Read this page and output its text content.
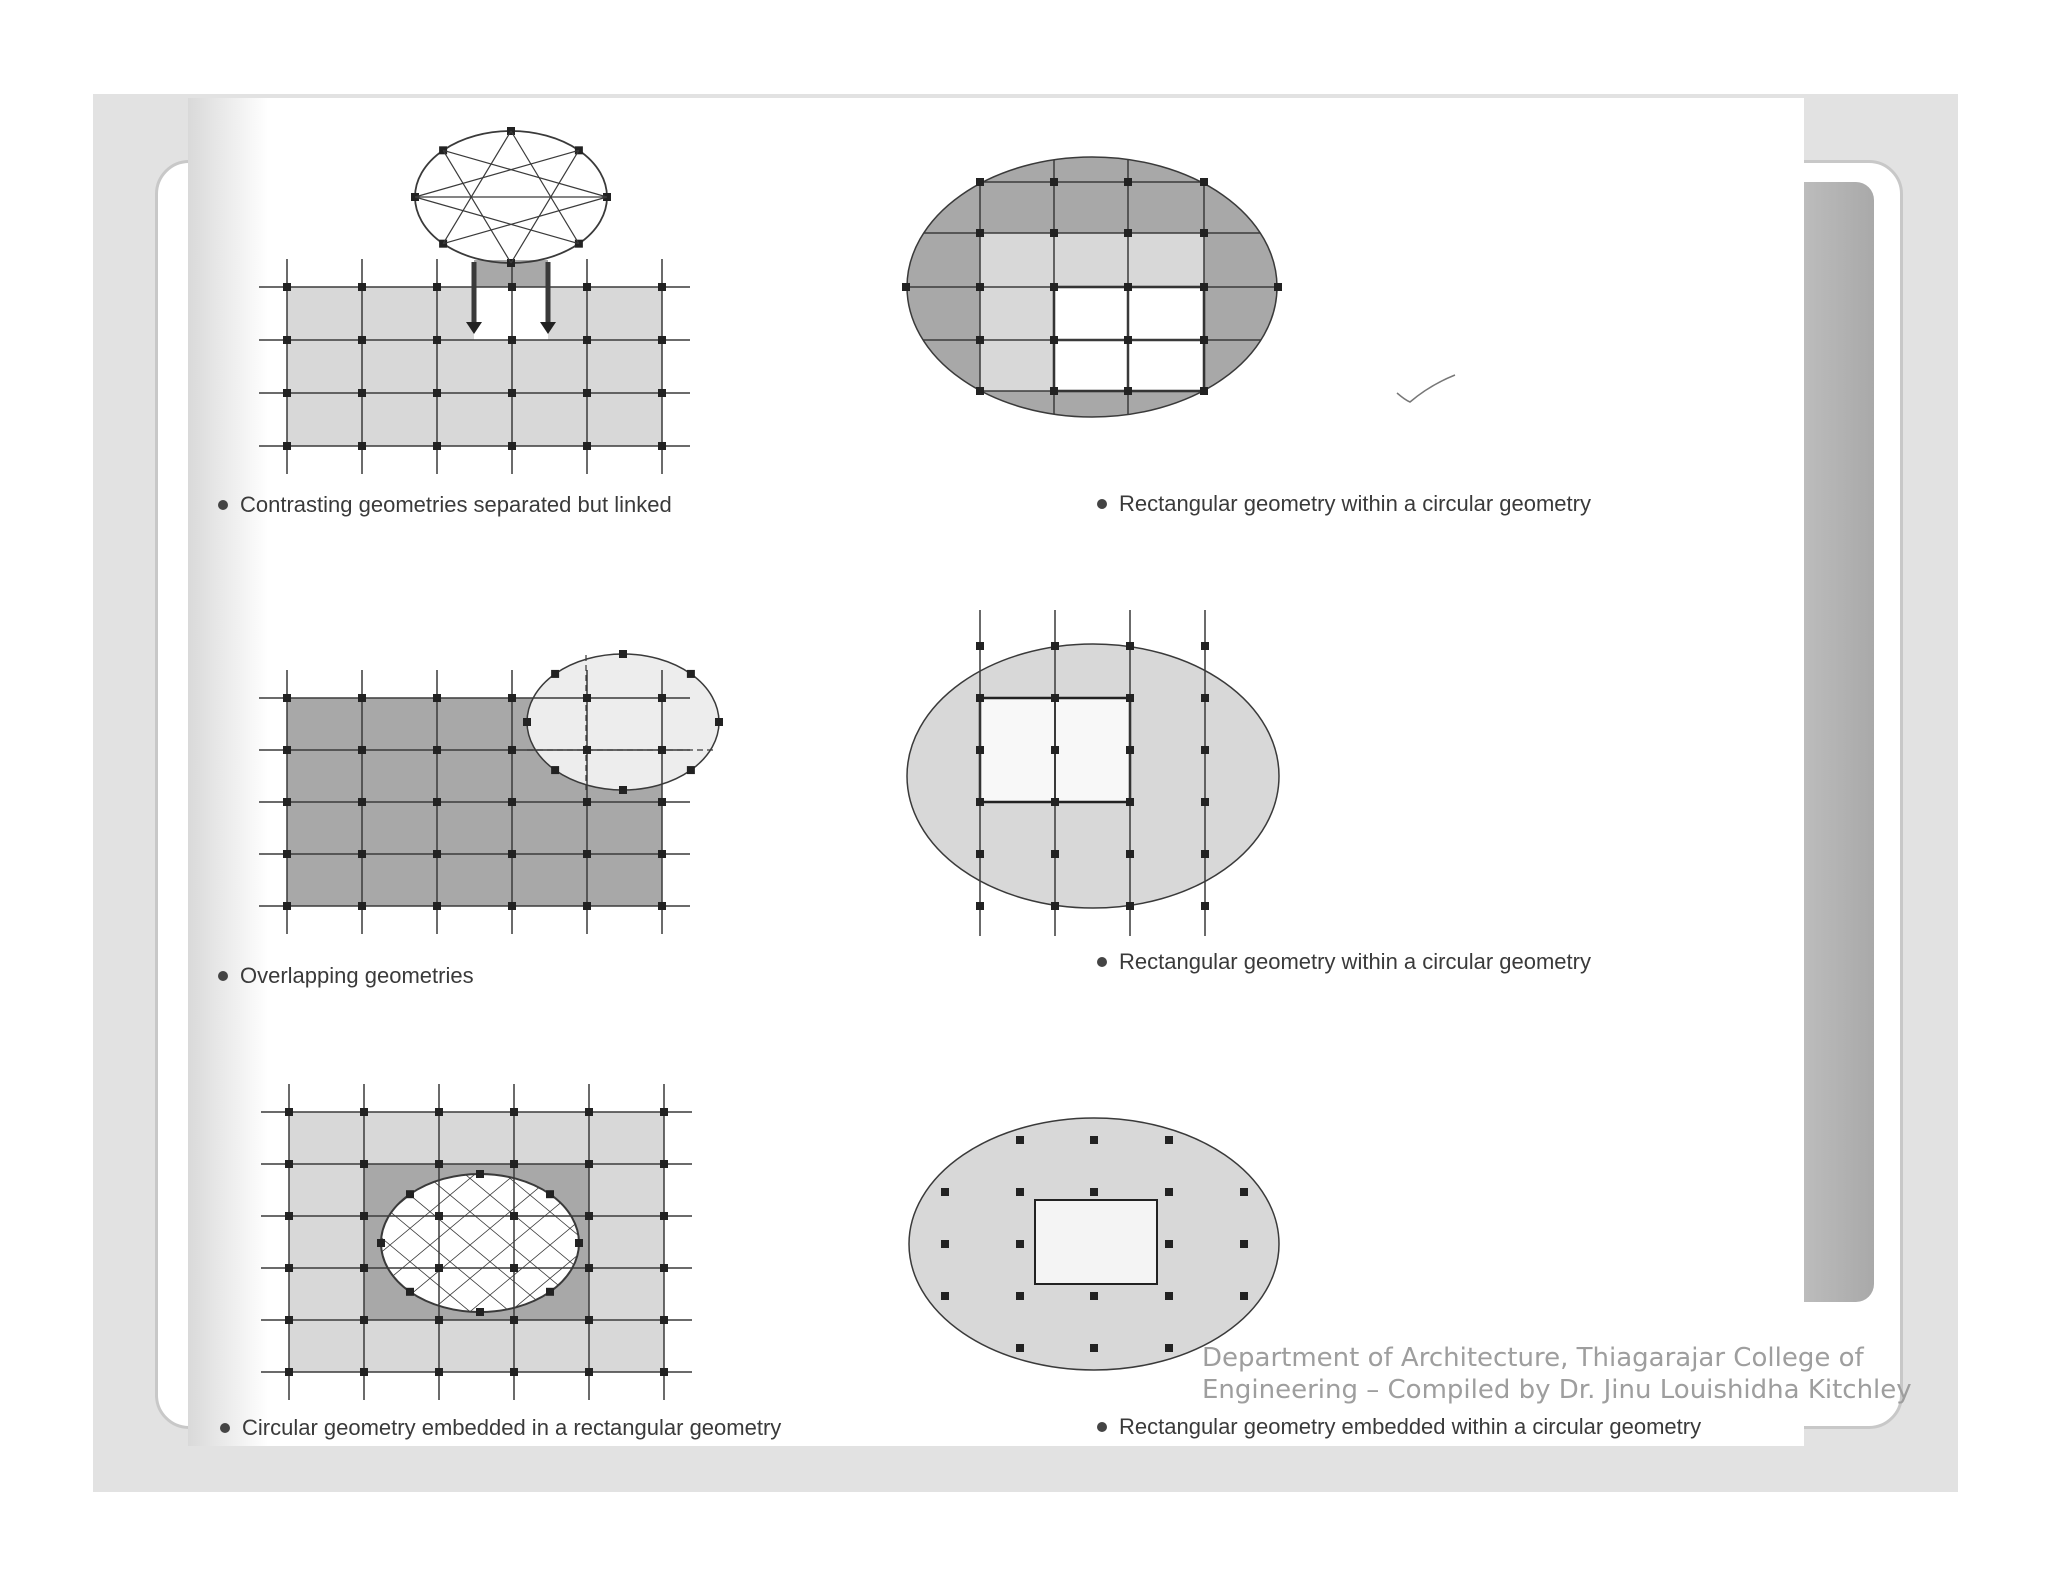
Contrasting geometries separated but linked	Rectangular geometry within a circular geometry
Overlapping geometries
Rectangular geometry within a circular geometry
Circular geometry embedded in a rectangular geometry	Rectangular geometry embedded within a circular geometry
Department of Architecture, Thiagarajar College of
Engineering – Compiled by Dr. Jinu Louishidha Kitchley
